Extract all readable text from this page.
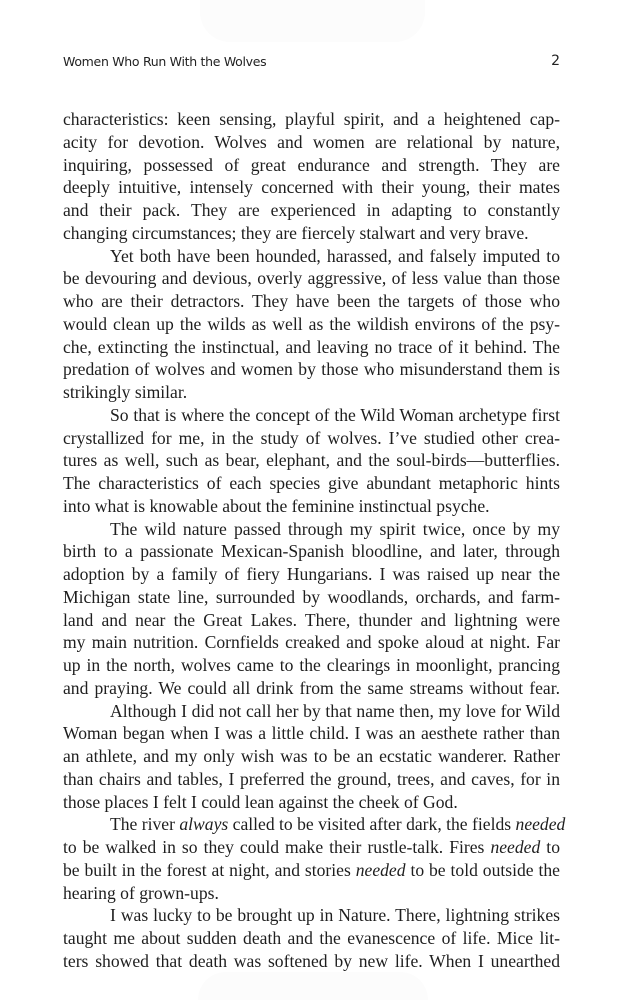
Women Who Run With the Wolves	2

characteristics: keen sensing, playful spirit, and a heightened cap-
acity for devotion. Wolves and women are relational by nature,
inquiring, possessed of great endurance and strength. They are
deeply intuitive, intensely concerned with their young, their mates
and their pack. They are experienced in adapting to constantly
changing circumstances; they are fiercely stalwart and very brave.

Yet both have been hounded, harassed, and falsely imputed to
be devouring and devious, overly aggressive, of less value than those
who are their detractors. They have been the targets of those who
would clean up the wilds as well as the wildish environs of the psy-
che, extincting the instinctual, and leaving no trace of it behind. The
predation of wolves and women by those who misunderstand them is
strikingly similar.

So that is where the concept of the Wild Woman archetype first
crystallized for me, in the study of wolves. I’ve studied other crea-
tures as well, such as bear, elephant, and the soul-birds—butterflies.
The characteristics of each species give abundant metaphoric hints
into what is knowable about the feminine instinctual psyche.

The wild nature passed through my spirit twice, once by my
birth to a passionate Mexican-Spanish bloodline, and later, through
adoption by a family of fiery Hungarians. I was raised up near the
Michigan state line, surrounded by woodlands, orchards, and farm-
land and near the Great Lakes. There, thunder and lightning were
my main nutrition. Cornfields creaked and spoke aloud at night. Far
up in the north, wolves came to the clearings in moonlight, prancing
and praying. We could all drink from the same streams without fear.

Although I did not call her by that name then, my love for Wild
Woman began when I was a little child. I was an aesthete rather than
an athlete, and my only wish was to be an ecstatic wanderer. Rather
than chairs and tables, I preferred the ground, trees, and caves, for in
those places I felt I could lean against the cheek of God.

The river always called to be visited after dark, the fields needed
to be walked in so they could make their rustle-talk. Fires needed to
be built in the forest at night, and stories needed to be told outside the
hearing of grown-ups.

I was lucky to be brought up in Nature. There, lightning strikes
taught me about sudden death and the evanescence of life. Mice lit-
ters showed that death was softened by new life. When I unearthed
